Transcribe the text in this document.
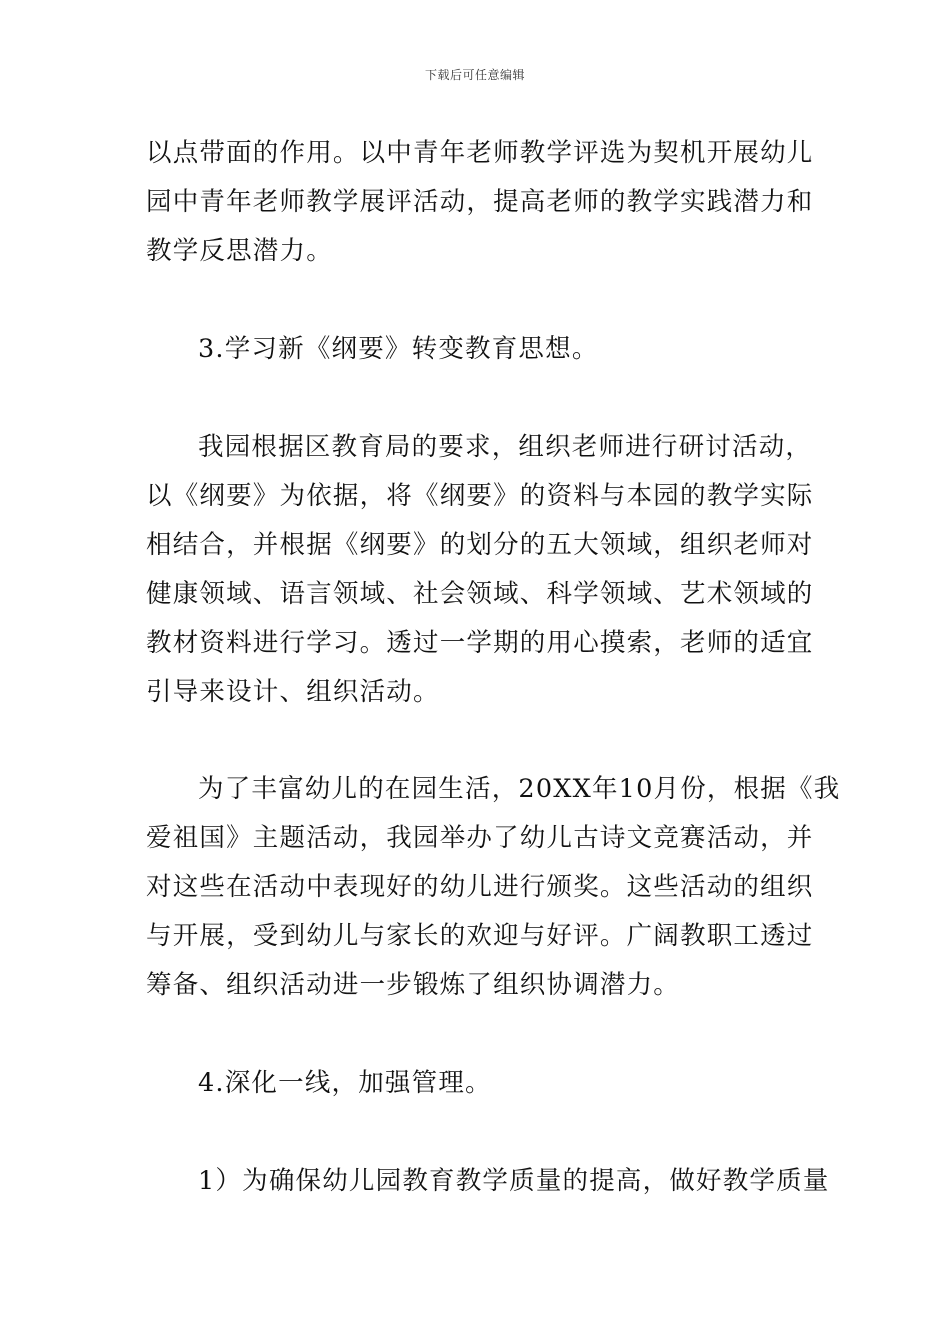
下载后可任意编辑
以点带面的作用。以中青年老师教学评选为契机开展幼儿
园中青年老师教学展评活动，提高老师的教学实践潜力和
教学反思潜力。
3.学习新《纲要》转变教育思想。
我园根据区教育局的要求，组织老师进行研讨活动，
以《纲要》为依据，将《纲要》的资料与本园的教学实际
相结合，并根据《纲要》的划分的五大领域，组织老师对
健康领域、语言领域、社会领域、科学领域、艺术领域的
教材资料进行学习。透过一学期的用心摸索，老师的适宜
引导来设计、组织活动。
为了丰富幼儿的在园生活，20XX年10月份，根据《我
爱祖国》主题活动，我园举办了幼儿古诗文竞赛活动，并
对这些在活动中表现好的幼儿进行颁奖。这些活动的组织
与开展，受到幼儿与家长的欢迎与好评。广阔教职工透过
筹备、组织活动进一步锻炼了组织协调潜力。
4.深化一线，加强管理。
1）为确保幼儿园教育教学质量的提高，做好教学质量
